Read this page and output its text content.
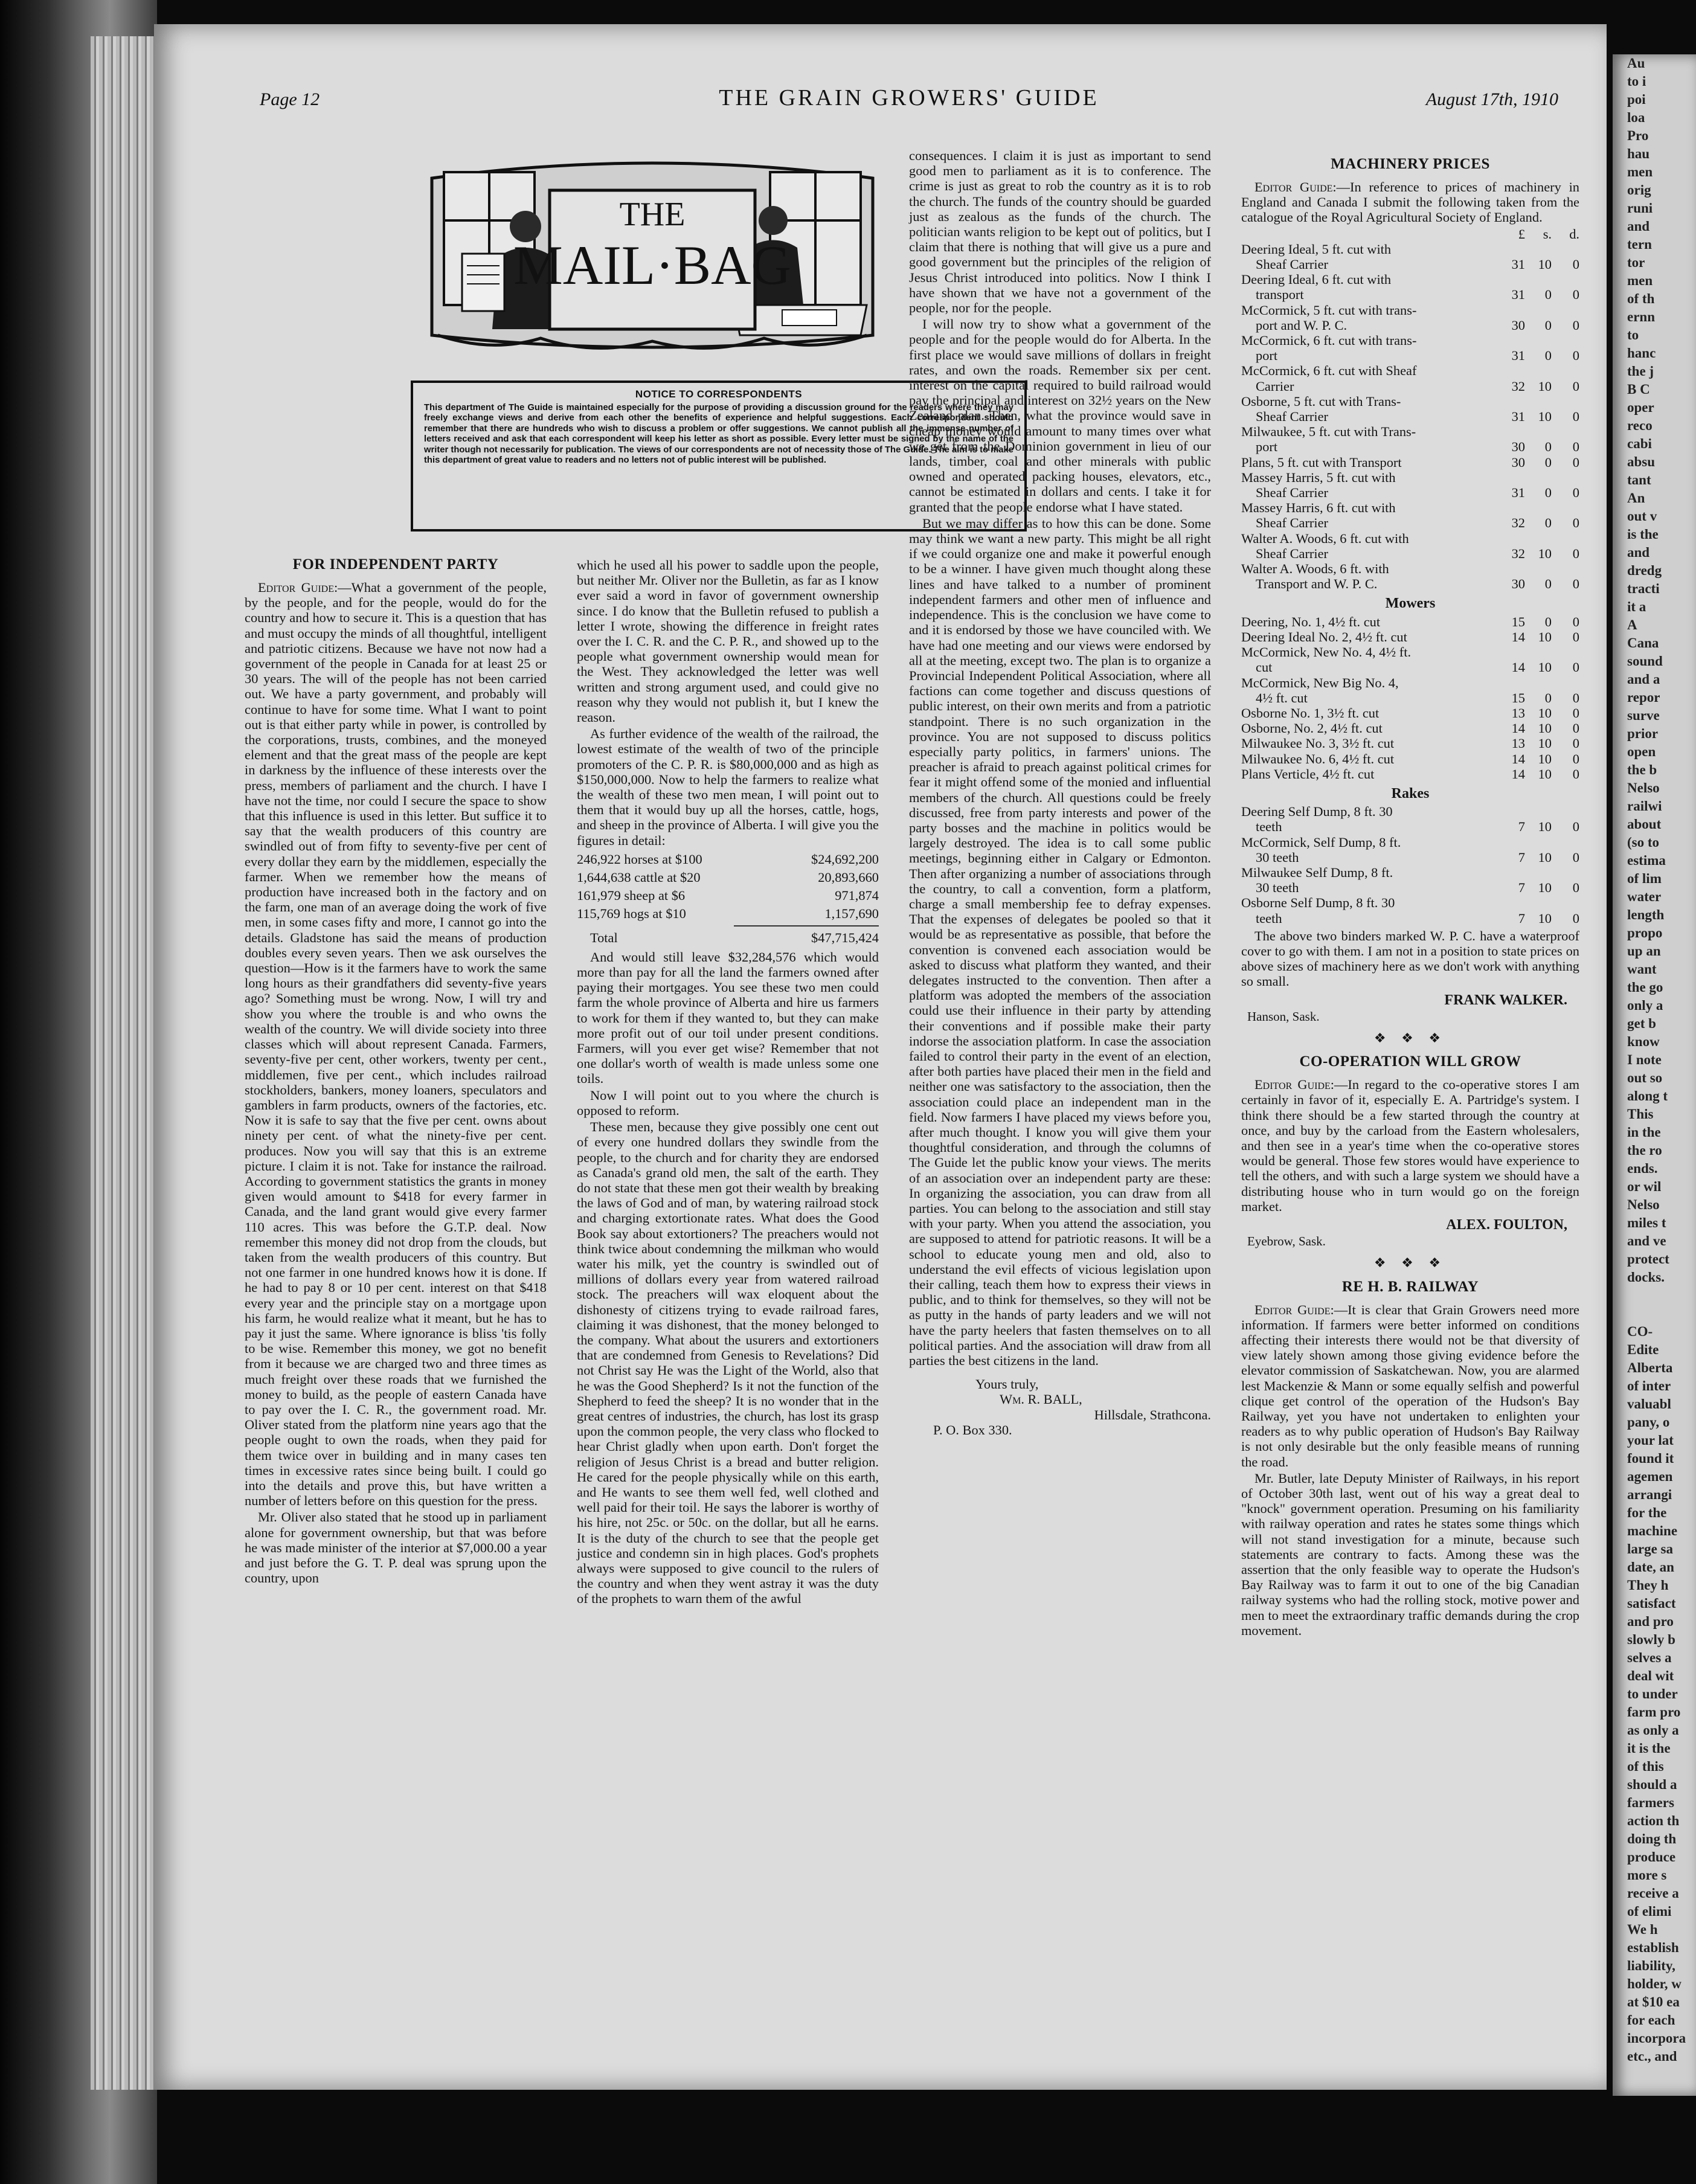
Au
to i
poi
loa
Pro
hau
men
orig
runi
and
tern
tor
men
of th
ernn
to
hanc
the j
B C
oper
reco
cabi
absu
tant
An
out v
is the
and
dredg
tracti
it a
A
Cana
sound
and a
repor
surve
prior
open
the b
Nelso
railwi
about
(so to
estima
of lim
water
length
propo
up an
want
the go
only a
get b
know
I note
out so
along t
This
in the
the ro
ends.
or wil
Nelso
miles t
and ve
protect
docks.

CO-
Edite
Alberta
of inter
valuabl
pany, o
your lat
found it
agemen
arrangi
for the
machine
large sa
date, an
They h
satisfact
and pro
slowly b
selves a
deal wit
to under
farm pro
as only a
it is the
of this
should a
farmers
action th
doing th
produce
more s
receive a
of elimi
We h
establish
liability,
holder, w
at $10 ea
for each
incorpora
etc., and
Page 12	THE GRAIN GROWERS' GUIDE	August 17th, 1910
THE
MAIL·BAG
NOTICE TO CORRESPONDENTS
This department of The Guide is maintained especially for the purpose of providing a discussion ground for the readers where they may freely exchange views and derive from each other the benefits of experience and helpful suggestions. Each correspondent should remember that there are hundreds who wish to discuss a problem or offer suggestions. We cannot publish all the immense number of letters received and ask that each correspondent will keep his letter as short as possible. Every letter must be signed by the name of the writer though not necessarily for publication. The views of our correspondents are not of necessity those of The Guide. The aim is to make this department of great value to readers and no letters not of public interest will be published.
FOR INDEPENDENT PARTY

Editor Guide:—What a government of the people, by the people, and for the people, would do for the country and how to secure it. This is a question that has and must occupy the minds of all thoughtful, intelligent and patriotic citizens. Because we have not now had a government of the people in Canada for at least 25 or 30 years. The will of the people has not been carried out. We have a party government, and probably will continue to have for some time. What I want to point out is that either party while in power, is controlled by the corporations, trusts, combines, and the moneyed element and that the great mass of the people are kept in darkness by the influence of these interests over the press, members of parliament and the church. I have I have not the time, nor could I secure the space to show that this influence is used in this letter. But suffice it to say that the wealth producers of this country are swindled out of from fifty to seventy-five per cent of every dollar they earn by the middlemen, especially the farmer. When we remember how the means of production have increased both in the factory and on the farm, one man of an average doing the work of five men, in some cases fifty and more, I cannot go into the details. Gladstone has said the means of production doubles every seven years. Then we ask ourselves the question—How is it the farmers have to work the same long hours as their grandfathers did seventy-five years ago? Something must be wrong. Now, I will try and show you where the trouble is and who owns the wealth of the country. We will divide society into three classes which will about represent Canada. Farmers, seventy-five per cent, other workers, twenty per cent., middlemen, five per cent., which includes railroad stockholders, bankers, money loaners, speculators and gamblers in farm products, owners of the factories, etc. Now it is safe to say that the five per cent. owns about ninety per cent. of what the ninety-five per cent. produces. Now you will say that this is an extreme picture. I claim it is not. Take for instance the railroad. According to government statistics the grants in money given would amount to $418 for every farmer in Canada, and the land grant would give every farmer 110 acres. This was before the G.T.P. deal. Now remember this money did not drop from the clouds, but taken from the wealth producers of this country. But not one farmer in one hundred knows how it is done. If he had to pay 8 or 10 per cent. interest on that $418 every year and the principle stay on a mortgage upon his farm, he would realize what it meant, but he has to pay it just the same. Where ignorance is bliss 'tis folly to be wise. Remember this money, we got no benefit from it because we are charged two and three times as much freight over these roads that we furnished the money to build, as the people of eastern Canada have to pay over the I. C. R., the government road. Mr. Oliver stated from the platform nine years ago that the people ought to own the roads, when they paid for them twice over in building and in many cases ten times in excessive rates since being built. I could go into the details and prove this, but have written a number of letters before on this question for the press.

Mr. Oliver also stated that he stood up in parliament alone for government ownership, but that was before he was made minister of the interior at $7,000.00 a year and just before the G. T. P. deal was sprung upon the country, upon

which he used all his power to saddle upon the people, but neither Mr. Oliver nor the Bulletin, as far as I know ever said a word in favor of government ownership since. I do know that the Bulletin refused to publish a letter I wrote, showing the difference in freight rates over the I. C. R. and the C. P. R., and showed up to the people what government ownership would mean for the West. They acknowledged the letter was well written and strong argument used, and could give no reason why they would not publish it, but I knew the reason.

As further evidence of the wealth of the railroad, the lowest estimate of the wealth of two of the principle promoters of the C. P. R. is $80,000,000 and as high as $150,000,000. Now to help the farmers to realize what the wealth of these two men mean, I will point out to them that it would buy up all the horses, cattle, hogs, and sheep in the province of Alberta. I will give you the figures in detail:

246,922 horses at $100	$24,692,200
1,644,638 cattle at $20	20,893,660
161,979 sheep at $6	971,874
115,769 hogs at $10	1,157,690
Total	$47,715,424

And would still leave $32,284,576 which would more than pay for all the land the farmers owned after paying their mortgages. You see these two men could farm the whole province of Alberta and hire us farmers to work for them if they wanted to, but they can make more profit out of our toil under present conditions. Farmers, will you ever get wise? Remember that not one dollar's worth of wealth is made unless some one toils.

Now I will point out to you where the church is opposed to reform.

These men, because they give possibly one cent out of every one hundred dollars they swindle from the people, to the church and for charity they are endorsed as Canada's grand old men, the salt of the earth. They do not state that these men got their wealth by breaking the laws of God and of man, by watering railroad stock and charging extortionate rates. What does the Good Book say about extortioners? The preachers would not think twice about condemning the milkman who would water his milk, yet the country is swindled out of millions of dollars every year from watered railroad stock. The preachers will wax eloquent about the dishonesty of citizens trying to evade railroad fares, claiming it was dishonest, that the money belonged to the company. What about the usurers and extortioners that are condemned from Genesis to Revelations? Did not Christ say He was the Light of the World, also that he was the Good Shepherd? Is it not the function of the Shepherd to feed the sheep? It is no wonder that in the great centres of industries, the church, has lost its grasp upon the common people, the very class who flocked to hear Christ gladly when upon earth. Don't forget the religion of Jesus Christ is a bread and butter religion. He cared for the people physically while on this earth, and He wants to see them well fed, well clothed and well paid for their toil. He says the laborer is worthy of his hire, not 25c. or 50c. on the dollar, but all he earns. It is the duty of the church to see that the people get justice and condemn sin in high places. God's prophets always were supposed to give council to the rulers of the country and when they went astray it was the duty of the prophets to warn them of the awful

consequences. I claim it is just as important to send good men to parliament as it is to conference. The crime is just as great to rob the country as it is to rob the church. The funds of the country should be guarded just as zealous as the funds of the church. The politician wants religion to be kept out of politics, but I claim that there is nothing that will give us a pure and good government but the principles of the religion of Jesus Christ introduced into politics. Now I think I have shown that we have not a government of the people, nor for the people.

I will now try to show what a government of the people and for the people would do for Alberta. In the first place we would save millions of dollars in freight rates, and own the roads. Remember six per cent. interest on the capital required to build railroad would pay the principal and interest on 32½ years on the New Zealand plan. Then, what the province would save in cheap money would amount to many times over what we get from the Dominion government in lieu of our lands, timber, coal and other minerals with public owned and operated packing houses, elevators, etc., cannot be estimated in dollars and cents. I take it for granted that the people endorse what I have stated.

But we may differ as to how this can be done. Some may think we want a new party. This might be all right if we could organize one and make it powerful enough to be a winner. I have given much thought along these lines and have talked to a number of prominent independent farmers and other men of influence and independence. This is the conclusion we have come to and it is endorsed by those we have counciled with. We have had one meeting and our views were endorsed by all at the meeting, except two. The plan is to organize a Provincial Independent Political Association, where all factions can come together and discuss questions of public interest, on their own merits and from a patriotic standpoint. There is no such organization in the province. You are not supposed to discuss politics especially party politics, in farmers' unions. The preacher is afraid to preach against political crimes for fear it might offend some of the monied and influential members of the church. All questions could be freely discussed, free from party interests and power of the party bosses and the machine in politics would be largely destroyed. The idea is to call some public meetings, beginning either in Calgary or Edmonton. Then after organizing a number of associations through the country, to call a convention, form a platform, charge a small membership fee to defray expenses. That the expenses of delegates be pooled so that it would be as representative as possible, that before the convention is convened each association would be asked to discuss what platform they wanted, and their delegates instructed to the convention. Then after a platform was adopted the members of the association could use their influence in their party by attending their conventions and if possible make their party indorse the association platform. In case the association failed to control their party in the event of an election, after both parties have placed their men in the field and neither one was satisfactory to the association, then the association could place an independent man in the field. Now farmers I have placed my views before you, after much thought. I know you will give them your thoughtful consideration, and through the columns of The Guide let the public know your views. The merits of an association over an independent party are these: In organizing the association, you can draw from all parties. You can belong to the association and still stay with your party. When you attend the association, you are supposed to attend for patriotic reasons. It will be a school to educate young men and old, also to understand the evil effects of vicious legislation upon their calling, teach them how to express their views in public, and to think for themselves, so they will not be as putty in the hands of party leaders and we will not have the party heelers that fasten themselves on to all political parties. And the association will draw from all parties the best citizens in the land.

Yours truly,

Wm. R. BALL,

Hillsdale, Strathcona.

P. O. Box 330.

MACHINERY PRICES

Editor Guide:—In reference to prices of machinery in England and Canada I submit the following taken from the catalogue of the Royal Agricultural Society of England.

	£	s.	d.
Deering Ideal, 5 ft. cut with			
Sheaf Carrier	31	10	0
Deering Ideal, 6 ft. cut with			
transport	31	0	0
McCormick, 5 ft. cut with trans-			
port and W. P. C.	30	0	0
McCormick, 6 ft. cut with trans-			
port	31	0	0
McCormick, 6 ft. cut with Sheaf			
Carrier	32	10	0
Osborne, 5 ft. cut with Trans-			
Sheaf Carrier	31	10	0
Milwaukee, 5 ft. cut with Trans-			
port	30	0	0
Plans, 5 ft. cut with Transport	30	0	0
Massey Harris, 5 ft. cut with			
Sheaf Carrier	31	0	0
Massey Harris, 6 ft. cut with			
Sheaf Carrier	32	0	0
Walter A. Woods, 6 ft. cut with			
Sheaf Carrier	32	10	0
Walter A. Woods, 6 ft. with			
Transport and W. P. C.	30	0	0
Mowers
Deering, No. 1, 4½ ft. cut	15	0	0
Deering Ideal No. 2, 4½ ft. cut	14	10	0
McCormick, New No. 4, 4½ ft.			
cut	14	10	0
McCormick, New Big No. 4,			
4½ ft. cut	15	0	0
Osborne No. 1, 3½ ft. cut	13	10	0
Osborne, No. 2, 4½ ft. cut	14	10	0
Milwaukee No. 3, 3½ ft. cut	13	10	0
Milwaukee No. 6, 4½ ft. cut	14	10	0
Plans Verticle, 4½ ft. cut	14	10	0
Rakes
Deering Self Dump, 8 ft. 30			
teeth	7	10	0
McCormick, Self Dump, 8 ft.			
30 teeth	7	10	0
Milwaukee Self Dump, 8 ft.			
30 teeth	7	10	0
Osborne Self Dump, 8 ft. 30			
teeth	7	10	0

The above two binders marked W. P. C. have a waterproof cover to go with them. I am not in a position to state prices on above sizes of machinery here as we don't work with anything so small.

FRANK WALKER.

Hanson, Sask.

❖ ❖ ❖
CO-OPERATION WILL GROW

Editor Guide:—In regard to the co-operative stores I am certainly in favor of it, especially E. A. Partridge's system. I think there should be a few started through the country at once, and buy by the carload from the Eastern wholesalers, and then see in a year's time when the co-operative stores would be general. Those few stores would have experience to tell the others, and with such a large system we should have a distributing house who in turn would go on the foreign market.

ALEX. FOULTON,

Eyebrow, Sask.

❖ ❖ ❖
RE H. B. RAILWAY

Editor Guide:—It is clear that Grain Growers need more information. If farmers were better informed on conditions affecting their interests there would not be that diversity of view lately shown among those giving evidence before the elevator commission of Saskatchewan. Now, you are alarmed lest Mackenzie & Mann or some equally selfish and powerful clique get control of the operation of the Hudson's Bay Railway, yet you have not undertaken to enlighten your readers as to why public operation of Hudson's Bay Railway is not only desirable but the only feasible means of running the road.

Mr. Butler, late Deputy Minister of Railways, in his report of October 30th last, went out of his way a great deal to "knock" government operation. Presuming on his familiarity with railway operation and rates he states some things which will not stand investigation for a minute, because such statements are contrary to facts. Among these was the assertion that the only feasible way to operate the Hudson's Bay Railway was to farm it out to one of the big Canadian railway systems who had the rolling stock, motive power and men to meet the extraordinary traffic demands during the crop movement.
